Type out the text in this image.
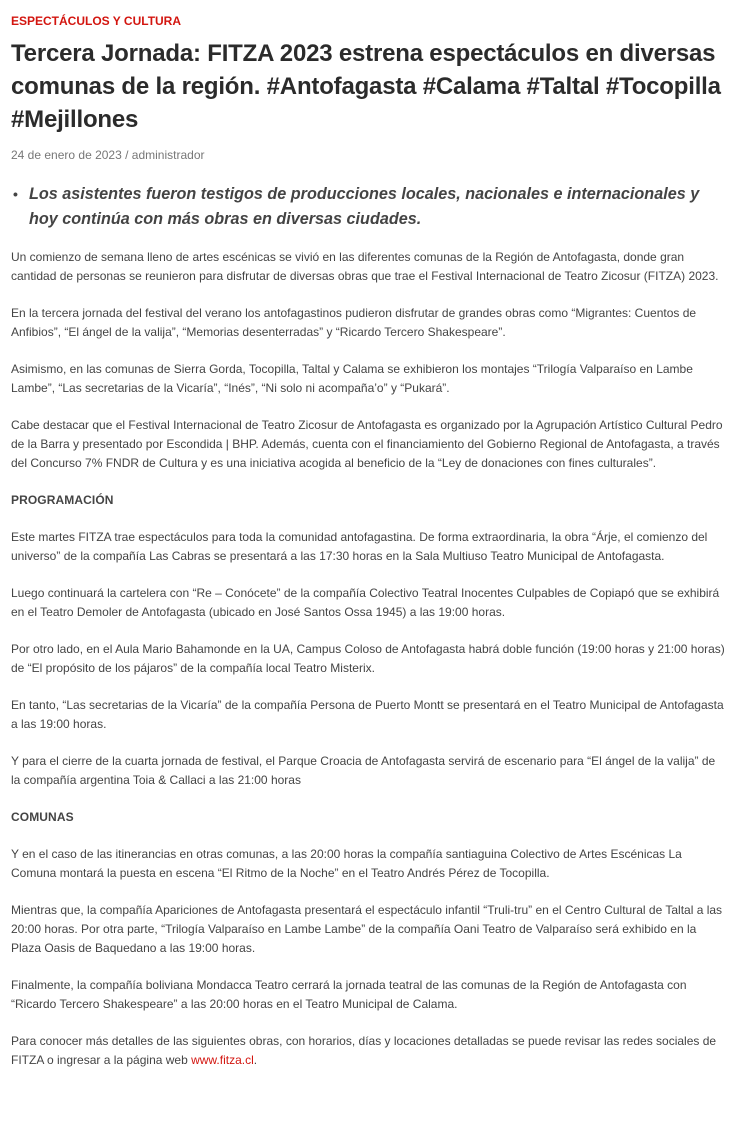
ESPECTÁCULOS Y CULTURA
Tercera Jornada: FITZA 2023 estrena espectáculos en diversas comunas de la región. #Antofagasta #Calama #Taltal #Tocopilla #Mejillones
24 de enero de 2023 / administrador
• Los asistentes fueron testigos de producciones locales, nacionales e internacionales y hoy continúa con más obras en diversas ciudades.

Un comienzo de semana lleno de artes escénicas se vivió en las diferentes comunas de la Región de Antofagasta, donde gran cantidad de personas se reunieron para disfrutar de diversas obras que trae el Festival Internacional de Teatro Zicosur (FITZA) 2023.

En la tercera jornada del festival del verano los antofagastinos pudieron disfrutar de grandes obras como “Migrantes: Cuentos de Anfibios”, “El ángel de la valija”, “Memorias desenterradas” y “Ricardo Tercero Shakespeare”.

Asimismo, en las comunas de Sierra Gorda, Tocopilla, Taltal y Calama se exhibieron los montajes “Trilogía Valparaíso en Lambe Lambe”, “Las secretarias de la Vicaría”, “Inés”, “Ni solo ni acompaña’o” y “Pukará”.

Cabe destacar que el Festival Internacional de Teatro Zicosur de Antofagasta es organizado por la Agrupación Artístico Cultural Pedro de la Barra y presentado por Escondida | BHP. Además, cuenta con el financiamiento del Gobierno Regional de Antofagasta, a través del Concurso 7% FNDR de Cultura y es una iniciativa acogida al beneficio de la “Ley de donaciones con fines culturales”.

PROGRAMACIÓN

Este martes FITZA trae espectáculos para toda la comunidad antofagastina. De forma extraordinaria, la obra “Árje, el comienzo del universo” de la compañía Las Cabras se presentará a las 17:30 horas en la Sala Multiuso Teatro Municipal de Antofagasta.

Luego continuará la cartelera con “Re – Conócete” de la compañía Colectivo Teatral Inocentes Culpables de Copiapó que se exhibirá en el Teatro Demoler de Antofagasta (ubicado en José Santos Ossa 1945) a las 19:00 horas.

Por otro lado, en el Aula Mario Bahamonde en la UA, Campus Coloso de Antofagasta habrá doble función (19:00 horas y 21:00 horas) de “El propósito de los pájaros” de la compañía local Teatro Misterix.

En tanto, “Las secretarias de la Vicaría” de la compañía Persona de Puerto Montt se presentará en el Teatro Municipal de Antofagasta a las 19:00 horas.

Y para el cierre de la cuarta jornada de festival, el Parque Croacia de Antofagasta servirá de escenario para “El ángel de la valija” de la compañía argentina Toia & Callaci a las 21:00 horas

COMUNAS

Y en el caso de las itinerancias en otras comunas, a las 20:00 horas la compañía santiaguina Colectivo de Artes Escénicas La Comuna montará la puesta en escena “El Ritmo de la Noche” en el Teatro Andrés Pérez de Tocopilla.

Mientras que, la compañía Apariciones de Antofagasta presentará el espectáculo infantil “Truli-tru” en el Centro Cultural de Taltal a las 20:00 horas. Por otra parte, “Trilogía Valparaíso en Lambe Lambe” de la compañía Oani Teatro de Valparaíso será exhibido en la Plaza Oasis de Baquedano a las 19:00 horas.

Finalmente, la compañía boliviana Mondacca Teatro cerrará la jornada teatral de las comunas de la Región de Antofagasta con “Ricardo Tercero Shakespeare” a las 20:00 horas en el Teatro Municipal de Calama.

Para conocer más detalles de las siguientes obras, con horarios, días y locaciones detalladas se puede revisar las redes sociales de FITZA o ingresar a la página web www.fitza.cl.
